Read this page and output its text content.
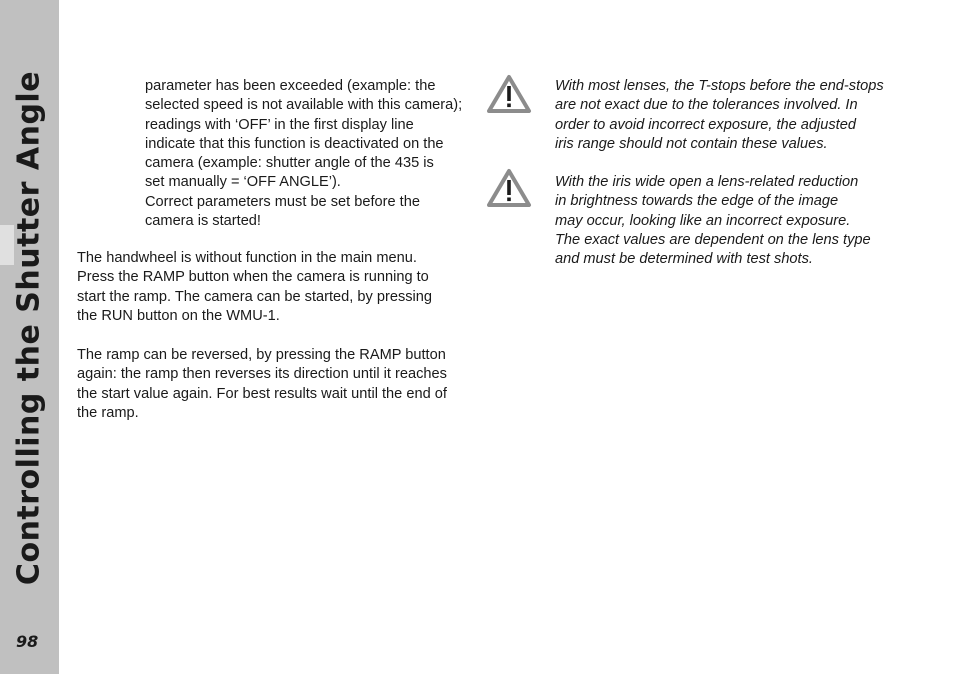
Controlling the Shutter Angle
98

parameter has been exceeded (example: the
selected speed is not available with this camera);
readings with ‘OFF’ in the first display line
indicate that this function is deactivated on the
camera (example: shutter angle of the 435 is
set manually = ‘OFF ANGLE’).
Correct parameters must be set before the
camera is started!

The handwheel is without function in the main menu.
Press the RAMP button when the camera is running to
start the ramp. The camera can be started, by pressing
the RUN button on the WMU-1.

The ramp can be reversed, by pressing the RAMP button
again: the ramp then reverses its direction until it reaches
the start value again. For best results wait until the end of
the ramp.

With most lenses, the T-stops before the end-stops
are not exact due to the tolerances involved. In
order to avoid incorrect exposure, the adjusted
iris range should not contain these values.

With the iris wide open a lens-related reduction
in brightness towards the edge of the image
may occur, looking like an incorrect exposure.
The exact values are dependent on the lens type
and must be determined with test shots.
